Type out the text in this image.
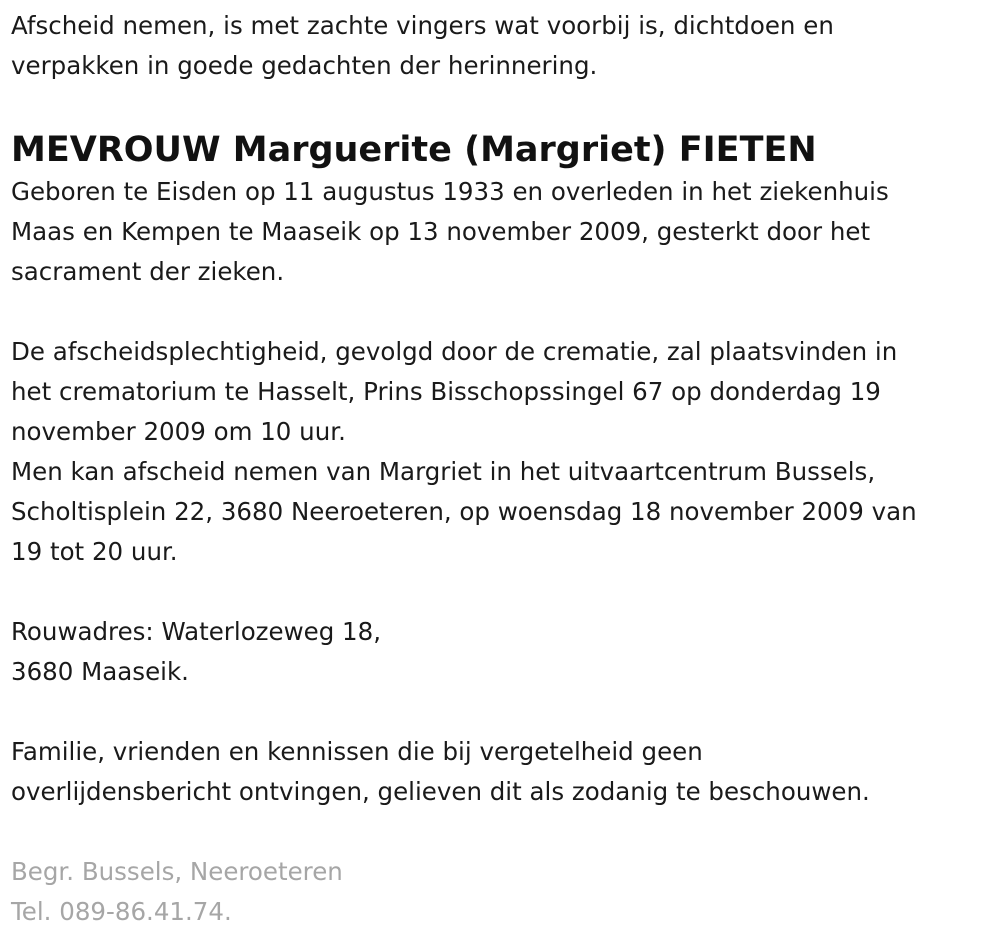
Afscheid nemen, is met zachte vingers wat voorbij is, dichtdoen en

verpakken in goede gedachten der herinnering.

MEVROUW Marguerite (Margriet) FIETEN

Geboren te Eisden op 11 augustus 1933 en overleden in het ziekenhuis

Maas en Kempen te Maaseik op 13 november 2009, gesterkt door het

sacrament der zieken.

De afscheidsplechtigheid, gevolgd door de crematie, zal plaatsvinden in

het crematorium te Hasselt, Prins Bisschopssingel 67 op donderdag 19

november 2009 om 10 uur.

Men kan afscheid nemen van Margriet in het uitvaartcentrum Bussels,

Scholtisplein 22, 3680 Neeroeteren, op woensdag 18 november 2009 van

19 tot 20 uur.

Rouwadres: Waterlozeweg 18,

3680 Maaseik.

Familie, vrienden en kennissen die bij vergetelheid geen

overlijdensbericht ontvingen, gelieven dit als zodanig te beschouwen.

Begr. Bussels, Neeroeteren

Tel. 089-86.41.74.
